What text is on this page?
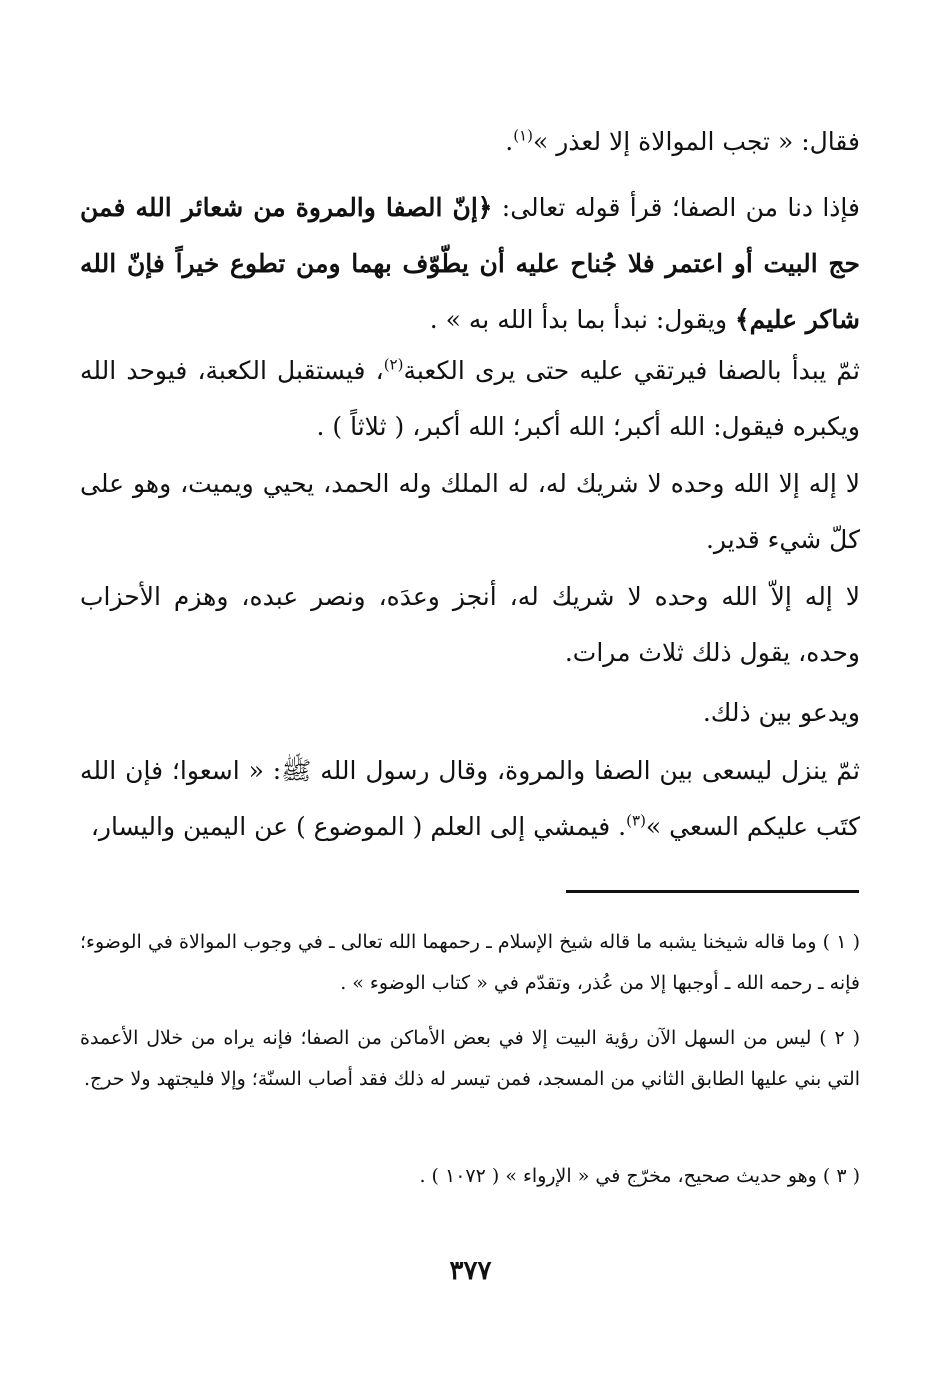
فقال: « تجب الموالاة إلا لعذر »$^{(١)}$.

فإذا دنا من الصفا؛ قرأ قوله تعالى: ﴿إنّ الصفا والمروة من شعائر الله فمن حج البيت أو اعتمر فلا جُناح عليه أن يطّوّف بهما ومن تطوع خيراً فإنّ الله شاكر عليم﴾ ويقول: نبدأ بما بدأ الله به » .

ثمّ يبدأ بالصفا فيرتقي عليه حتى يرى الكعبة$^{(٢)}$، فيستقبل الكعبة، فيوحد الله ويكبره فيقول: الله أكبر؛ الله أكبر؛ الله أكبر، ( ثلاثاً ) .

لا إله إلا الله وحده لا شريك له، له الملك وله الحمد، يحيي ويميت، وهو على كلّ شيء قدير.

لا إله إلاّ الله وحده لا شريك له، أنجز وعدَه، ونصر عبده، وهزم الأحزاب وحده، يقول ذلك ثلاث مرات.

ويدعو بين ذلك.

ثمّ ينزل ليسعى بين الصفا والمروة، وقال رسول الله ﷺ: « اسعوا؛ فإن الله كتَب عليكم السعي »$^{(٣)}$. فيمشي إلى العلم ( الموضوع ) عن اليمين واليسار،

( ١ ) وما قاله شيخنا يشبه ما قاله شيخ الإسلام ـ رحمهما الله تعالى ـ في وجوب الموالاة في الوضوء؛ فإنه ـ رحمه الله ـ أوجبها إلا من عُذر، وتقدّم في « كتاب الوضوء » .

( ٢ ) ليس من السهل الآن رؤية البيت إلا في بعض الأماكن من الصفا؛ فإنه يراه من خلال الأعمدة التي بني عليها الطابق الثاني من المسجد، فمن تيسر له ذلك فقد أصاب السنّة؛ وإلا فليجتهد ولا حرج.

( ٣ ) وهو حديث صحيح، مخرّج في « الإرواء » ( ١٠٧٢ ) .

٣٧٧
